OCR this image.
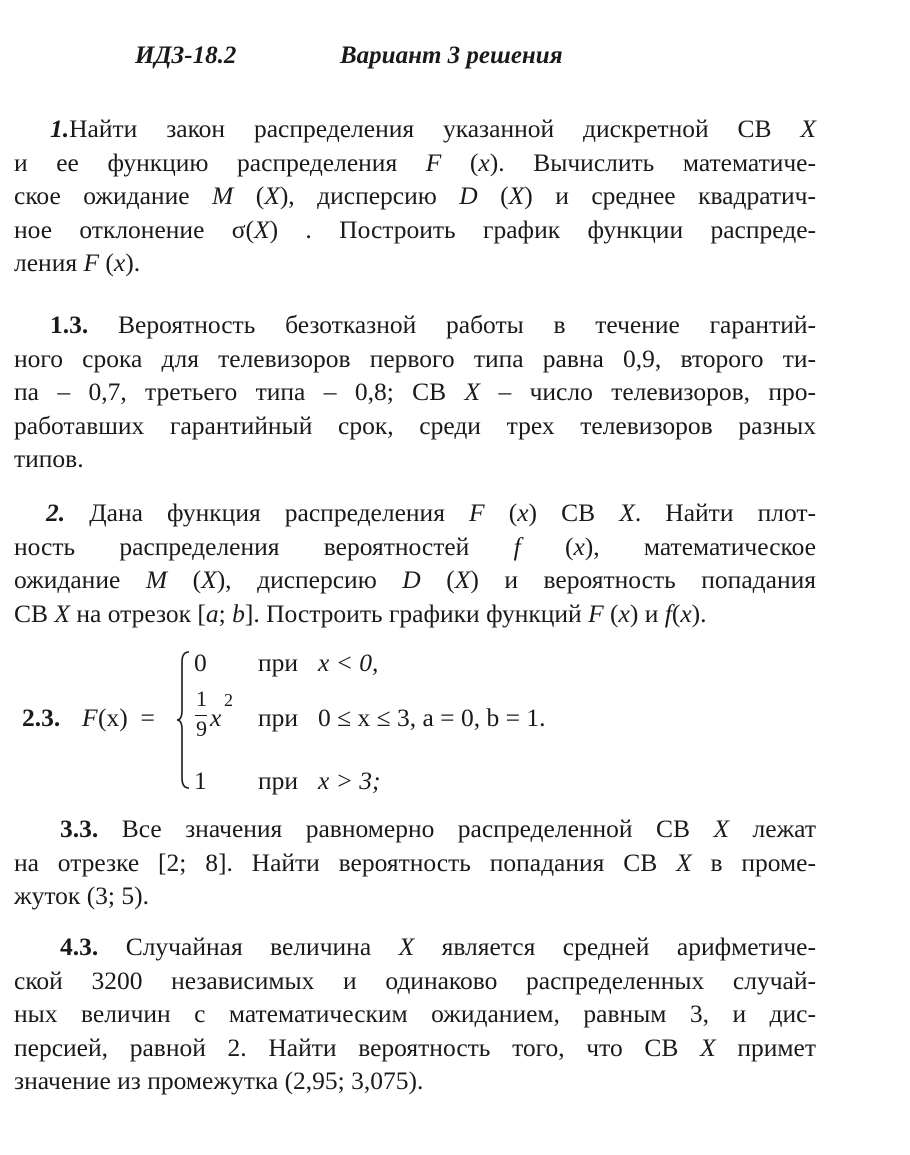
ИДЗ-18.2	Вариант 3 решения
1.Найти закон распределения указанной дискретной СВ X
и ее функцию распределения F (x). Вычислить математиче-
ское ожидание M (X), дисперсию D (X) и среднее квадратич-
ное отклонение σ(X) . Построить график функции распреде-
ления F (x).
1.3. Вероятность безотказной работы в течение гарантий-
ного срока для телевизоров первого типа равна 0,9, второго ти-
па – 0,7, третьего типа – 0,8; СВ X – число телевизоров, про-
работавших гарантийный срок, среди трех телевизоров разных
типов.
2. Дана функция распределения F (x) СВ X. Найти плот-
ность распределения вероятностей f (x), математическое
ожидание M (X), дисперсию D (X) и вероятность попадания
СВ X на отрезок [a; b]. Построить графики функций F (x) и f(x).
2.3. F (x)  =
0 при x < 0,
1
9 x
2
при 0 ≤ x ≤ 3, a = 0, b = 1.
1 при x > 3;
3.3. Все значения равномерно распределенной СВ X лежат
на отрезке [2; 8]. Найти вероятность попадания СВ X в проме-
жуток (3; 5).
4.3. Случайная величина X является средней арифметиче-
ской 3200 независимых и одинаково распределенных случай-
ных величин с математическим ожиданием, равным 3, и дис-
персией, равной 2. Найти вероятность того, что СВ X примет
значение из промежутка (2,95; 3,075).
